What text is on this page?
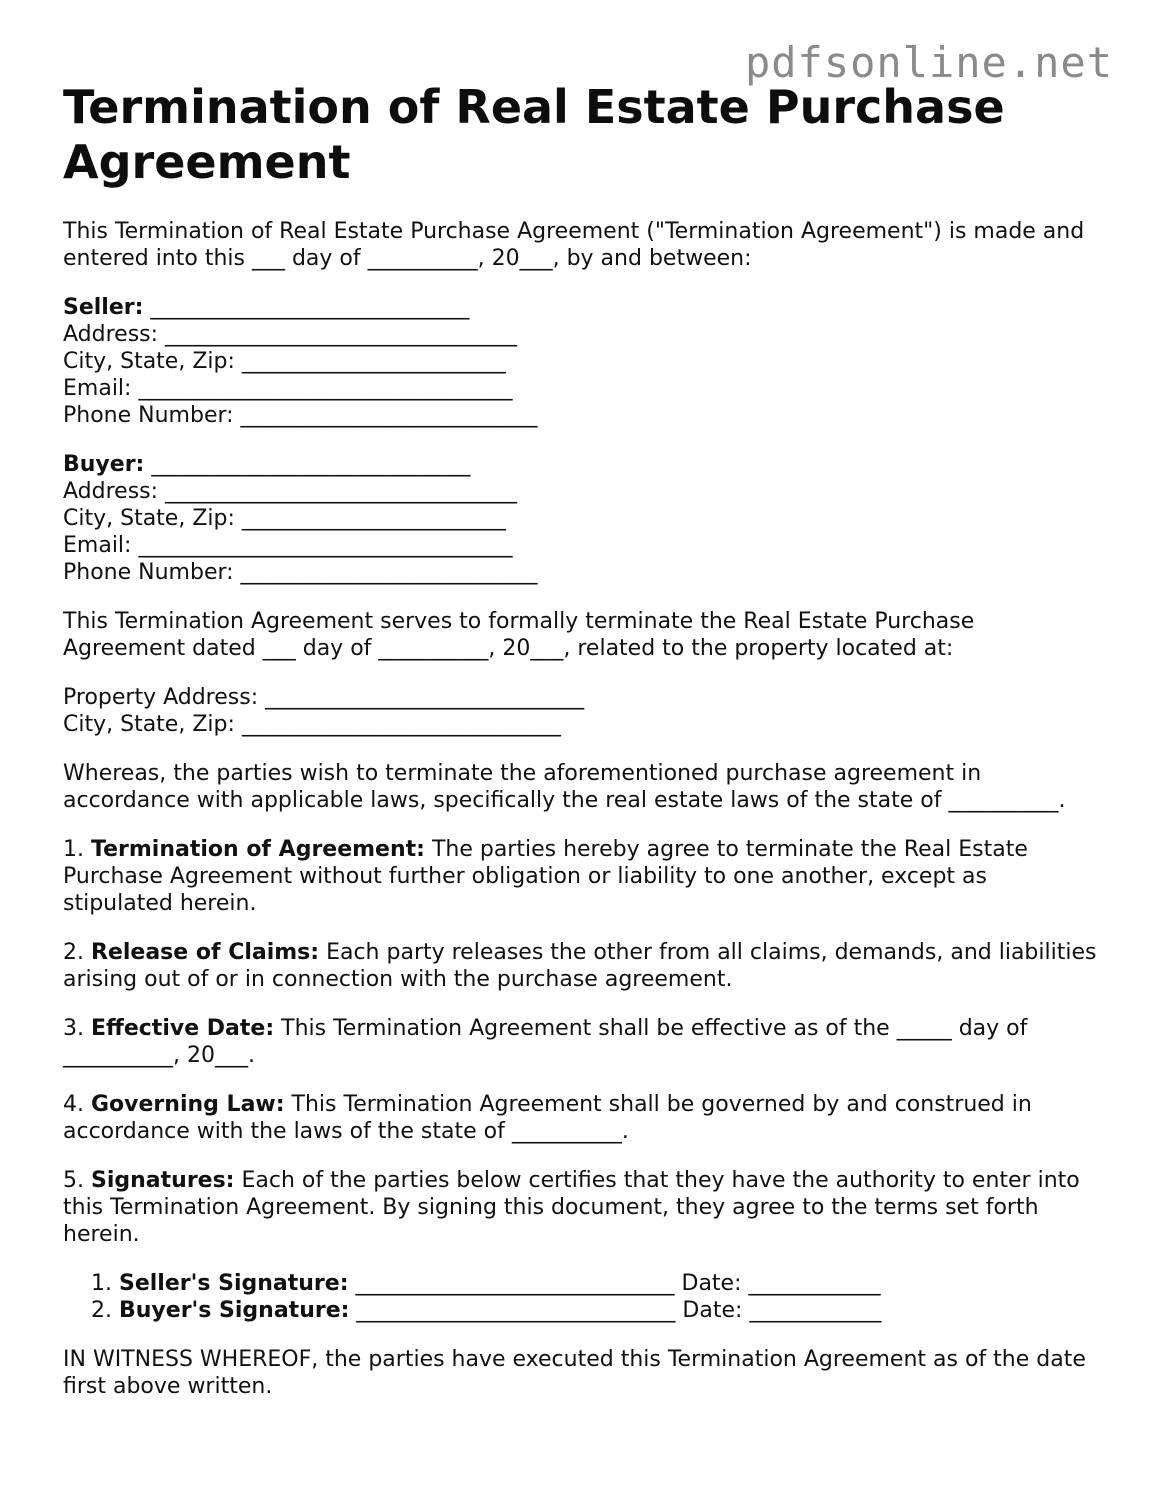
pdfsonline.net
Termination of Real Estate Purchase Agreement

This Termination of Real Estate Purchase Agreement ("Termination Agreement") is made and entered into this ___ day of __________, 20___, by and between:

Seller: _____________________________
Address: ________________________________
City, State, Zip: ________________________
Email: __________________________________
Phone Number: ___________________________
Buyer: _____________________________
Address: ________________________________
City, State, Zip: ________________________
Email: __________________________________
Phone Number: ___________________________

This Termination Agreement serves to formally terminate the Real Estate Purchase Agreement dated ___ day of __________, 20___, related to the property located at:

Property Address: _____________________________
City, State, Zip: _____________________________

Whereas, the parties wish to terminate the aforementioned purchase agreement in accordance with applicable laws, specifically the real estate laws of the state of __________.

1. Termination of Agreement: The parties hereby agree to terminate the Real Estate Purchase Agreement without further obligation or liability to one another, except as stipulated herein.

2. Release of Claims: Each party releases the other from all claims, demands, and liabilities arising out of or in connection with the purchase agreement.

3. Effective Date: This Termination Agreement shall be effective as of the _____ day of __________, 20___.

4. Governing Law: This Termination Agreement shall be governed by and construed in accordance with the laws of the state of __________.

5. Signatures: Each of the parties below certifies that they have the authority to enter into this Termination Agreement. By signing this document, they agree to the terms set forth herein.

1. Seller's Signature: _____________________________ Date: ____________
2. Buyer's Signature: _____________________________ Date: ____________

IN WITNESS WHEREOF, the parties have executed this Termination Agreement as of the date first above written.
